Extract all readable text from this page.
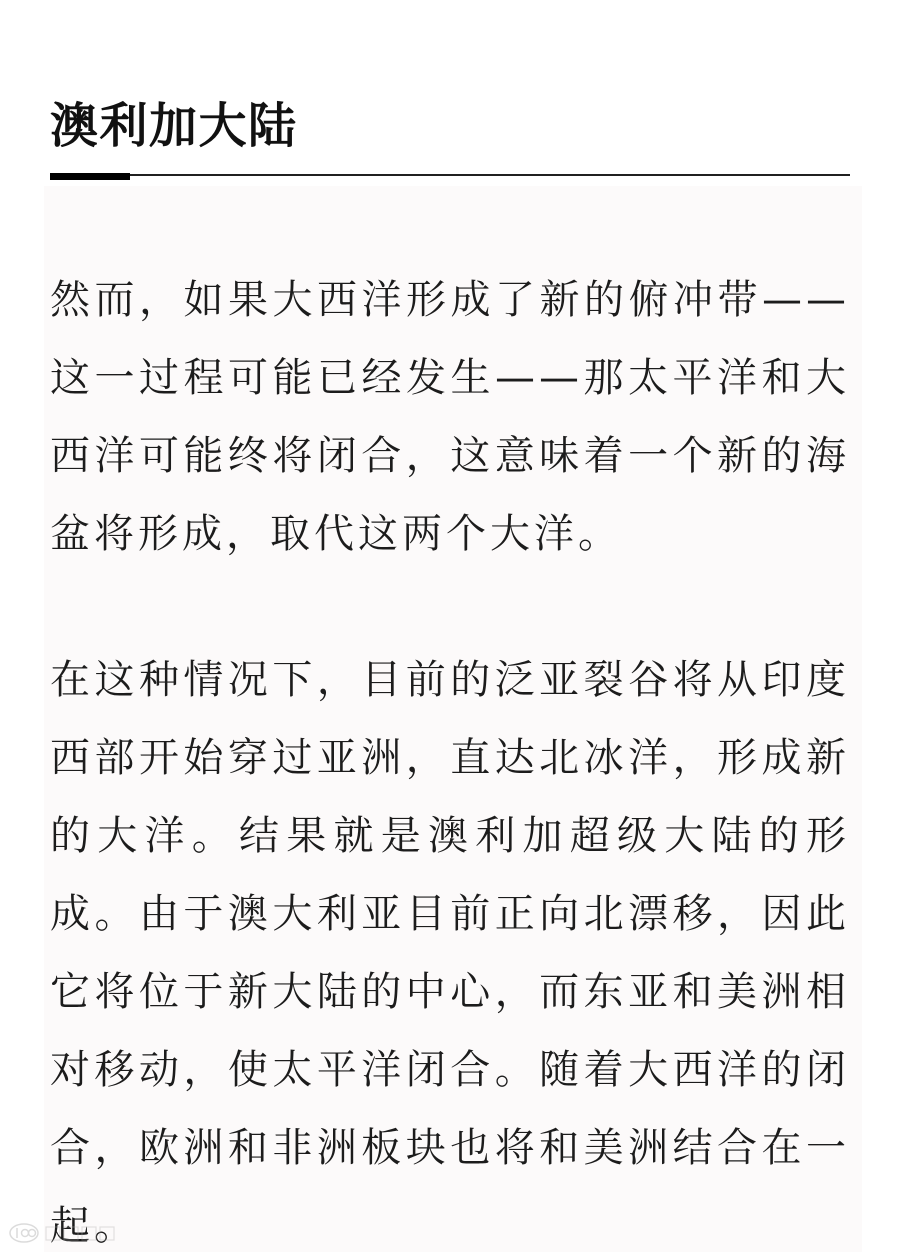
澳利加大陆
然而，如果大西洋形成了新的俯冲带——
这一过程可能已经发生——那太平洋和大
西洋可能终将闭合，这意味着一个新的海
盆将形成，取代这两个大洋。
在这种情况下，目前的泛亚裂谷将从印度
西部开始穿过亚洲，直达北冰洋，形成新
的大洋。结果就是澳利加超级大陆的形
成。由于澳大利亚目前正向北漂移，因此
它将位于新大陆的中心，而东亚和美洲相
对移动，使太平洋闭合。随着大西洋的闭
合，欧洲和非洲板块也将和美洲结合在一
起。
